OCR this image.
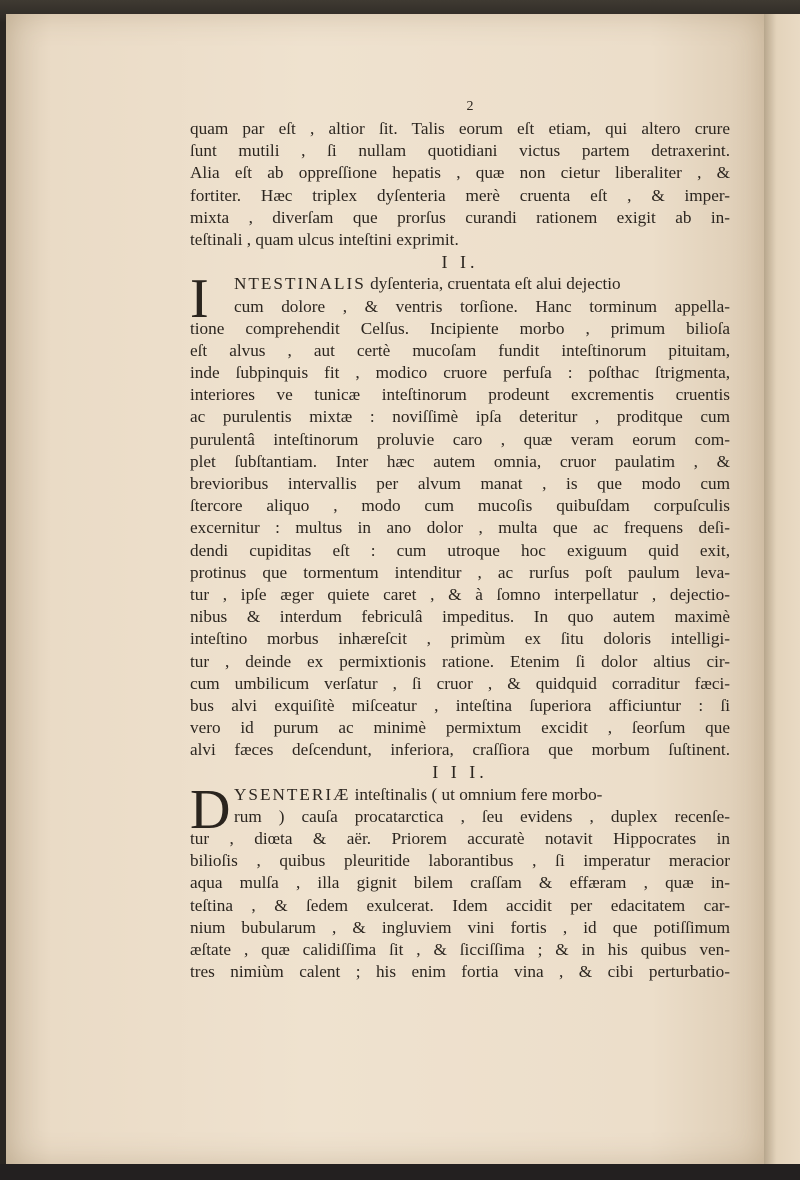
2
quam par eſt , altior ſit. Talis eorum eſt etiam, qui altero crure
ſunt mutili , ſi nullam quotidiani victus partem detraxerint.
Alia eſt ab oppreſſione hepatis , quæ non cietur liberaliter , &
fortiter. Hæc triplex dyſenteria merè cruenta eſt , & imper-
mixta , diverſam que prorſus curandi rationem exigit ab in-
teſtinali , quam ulcus inteſtini exprimit.
I I.
I	NTESTINALIS dyſenteria, cruentata eſt alui dejectio
cum dolore , & ventris torſione. Hanc torminum appella-
tione comprehendit Celſus. Incipiente morbo , primum bilioſa
eſt alvus , aut certè mucoſam fundit inteſtinorum pituitam,
inde ſubpinquis fit , modico cruore perfuſa : poſthac ſtrigmenta,
interiores ve tunicæ inteſtinorum prodeunt excrementis cruentis
ac purulentis mixtæ : noviſſimè ipſa deteritur , proditque cum
purulentâ inteſtinorum proluvie caro , quæ veram eorum com-
plet ſubſtantiam. Inter hæc autem omnia, cruor paulatim , &
brevioribus intervallis per alvum manat , is que modo cum
ſtercore aliquo , modo cum mucoſis quibuſdam corpuſculis
excernitur : multus in ano dolor , multa que ac frequens deſi-
dendi cupiditas eſt : cum utroque hoc exiguum quid exit,
protinus que tormentum intenditur , ac rurſus poſt paulum leva-
tur , ipſe æger quiete caret , & à ſomno interpellatur , dejectio-
nibus & interdum febriculâ impeditus. In quo autem maximè
inteſtino morbus inhæreſcit , primùm ex ſitu doloris intelligi-
tur , deinde ex permixtionis ratione. Etenim ſi dolor altius cir-
cum umbilicum verſatur , ſi cruor , & quidquid corraditur fæci-
bus alvi exquiſitè miſceatur , inteſtina ſuperiora afficiuntur : ſi
vero id purum ac minimè permixtum excidit , ſeorſum que
alvi fæces deſcendunt, inferiora, craſſiora que morbum ſuſtinent.
I I I.
D YSENTERIÆ inteſtinalis ( ut omnium fere morbo-
rum ) cauſa procatarctica , ſeu evidens , duplex recenſe-
tur , diœta & aër. Priorem accuratè notavit Hippocrates in
bilioſis , quibus pleuritide laborantibus , ſi imperatur meracior
aqua mulſa , illa gignit bilem craſſam & effæram , quæ in-
teſtina , & ſedem exulcerat. Idem accidit per edacitatem car-
nium bubularum , & ingluviem vini fortis , id que potiſſimum
æſtate , quæ calidiſſima ſit , & ſicciſſima ; & in his quibus ven-
tres nimiùm calent ; his enim fortia vina , & cibi perturbatio-
